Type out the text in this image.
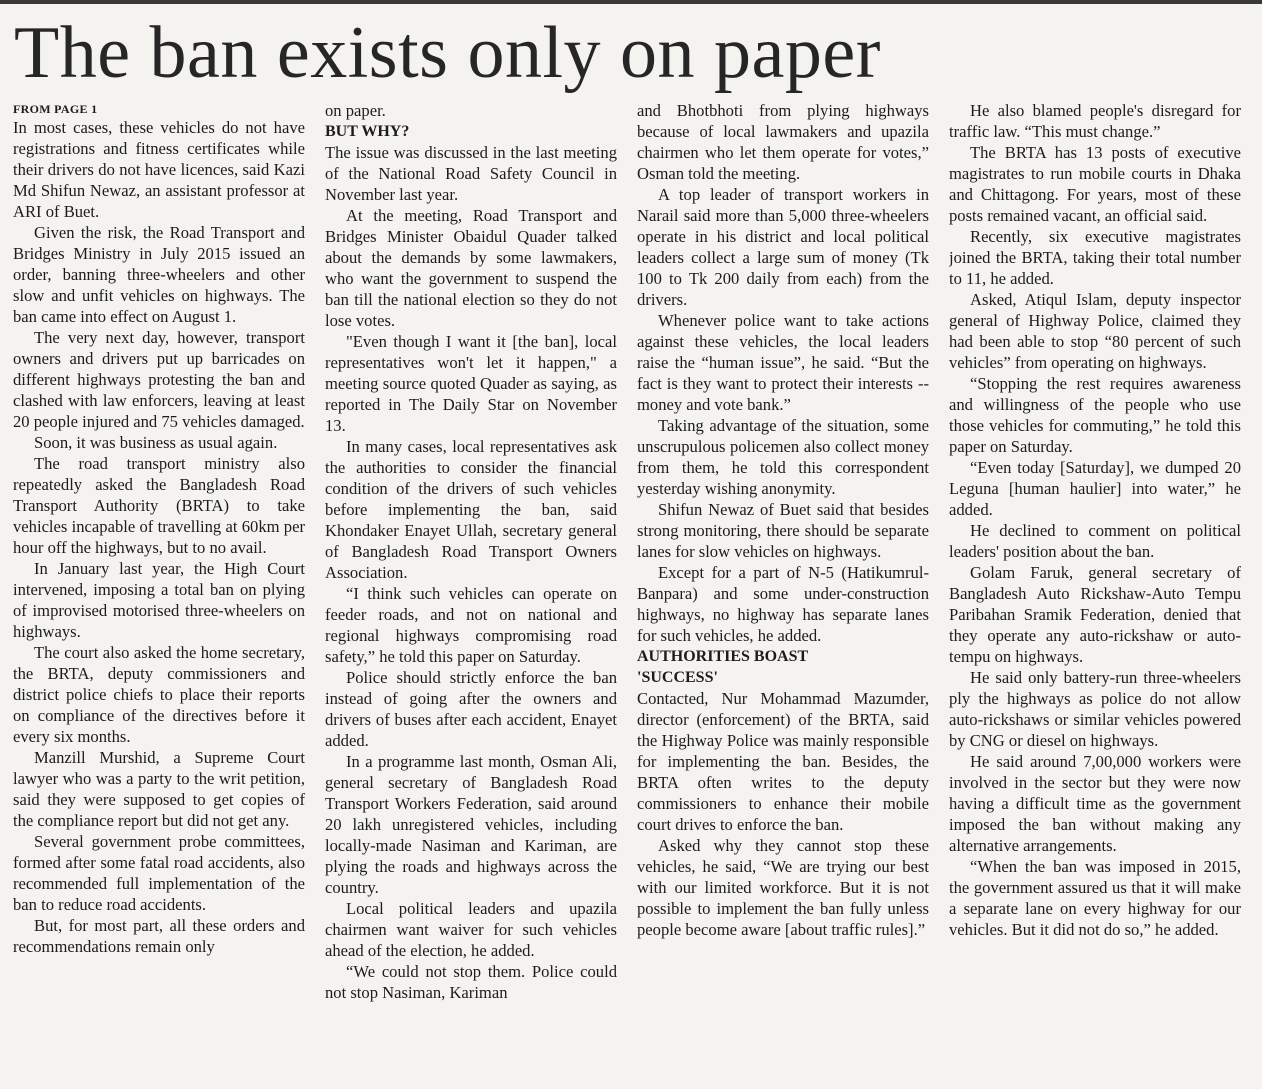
The ban exists only on paper

FROM PAGE 1

In most cases, these vehicles do not have registrations and fitness certificates while their drivers do not have licences, said Kazi Md Shifun Newaz, an assistant professor at ARI of Buet.

Given the risk, the Road Transport and Bridges Ministry in July 2015 issued an order, banning three-wheelers and other slow and unfit vehicles on highways. The ban came into effect on August 1.

The very next day, however, transport owners and drivers put up barricades on different highways protesting the ban and clashed with law enforcers, leaving at least 20 people injured and 75 vehicles damaged.

Soon, it was business as usual again.

The road transport ministry also repeatedly asked the Bangladesh Road Transport Authority (BRTA) to take vehicles incapable of travelling at 60km per hour off the highways, but to no avail.

In January last year, the High Court intervened, imposing a total ban on plying of improvised motorised three-wheelers on highways.

The court also asked the home secretary, the BRTA, deputy commissioners and district police chiefs to place their reports on compliance of the directives before it every six months.

Manzill Murshid, a Supreme Court lawyer who was a party to the writ petition, said they were supposed to get copies of the compliance report but did not get any.

Several government probe committees, formed after some fatal road accidents, also recommended full implementation of the ban to reduce road accidents.

But, for most part, all these orders and recommendations remain only

on paper.

BUT WHY?

The issue was discussed in the last meeting of the National Road Safety Council in November last year.

At the meeting, Road Transport and Bridges Minister Obaidul Quader talked about the demands by some lawmakers, who want the government to suspend the ban till the national election so they do not lose votes.

"Even though I want it [the ban], local representatives won't let it happen," a meeting source quoted Quader as saying, as reported in The Daily Star on November 13.

In many cases, local representatives ask the authorities to consider the financial condition of the drivers of such vehicles before implementing the ban, said Khondaker Enayet Ullah, secretary general of Bangladesh Road Transport Owners Association.

“I think such vehicles can operate on feeder roads, and not on national and regional highways compromising road safety,” he told this paper on Saturday.

Police should strictly enforce the ban instead of going after the owners and drivers of buses after each accident, Enayet added.

In a programme last month, Osman Ali, general secretary of Bangladesh Road Transport Workers Federation, said around 20 lakh unregistered vehicles, including locally-made Nasiman and Kariman, are plying the roads and highways across the country.

Local political leaders and upazila chairmen want waiver for such vehicles ahead of the election, he added.

“We could not stop them. Police could not stop Nasiman, Kariman

and Bhotbhoti from plying highways because of local lawmakers and upazila chairmen who let them operate for votes,” Osman told the meeting.

A top leader of transport workers in Narail said more than 5,000 three-wheelers operate in his district and local political leaders collect a large sum of money (Tk 100 to Tk 200 daily from each) from the drivers.

Whenever police want to take actions against these vehicles, the local leaders raise the “human issue”, he said. “But the fact is they want to protect their interests -- money and vote bank.”

Taking advantage of the situation, some unscrupulous policemen also collect money from them, he told this correspondent yesterday wishing anonymity.

Shifun Newaz of Buet said that besides strong monitoring, there should be separate lanes for slow vehicles on highways.

Except for a part of N-5 (Hatikumrul-Banpara) and some under-construction highways, no highway has separate lanes for such vehicles, he added.

AUTHORITIES BOAST

'SUCCESS'

Contacted, Nur Mohammad Mazumder, director (enforcement) of the BRTA, said the Highway Police was mainly responsible for implementing the ban. Besides, the BRTA often writes to the deputy commissioners to enhance their mobile court drives to enforce the ban.

Asked why they cannot stop these vehicles, he said, “We are trying our best with our limited workforce. But it is not possible to implement the ban fully unless people become aware [about traffic rules].”

He also blamed people's disregard for traffic law. “This must change.”

The BRTA has 13 posts of executive magistrates to run mobile courts in Dhaka and Chittagong. For years, most of these posts remained vacant, an official said.

Recently, six executive magistrates joined the BRTA, taking their total number to 11, he added.

Asked, Atiqul Islam, deputy inspector general of Highway Police, claimed they had been able to stop “80 percent of such vehicles” from operating on highways.

“Stopping the rest requires awareness and willingness of the people who use those vehicles for commuting,” he told this paper on Saturday.

“Even today [Saturday], we dumped 20 Leguna [human haulier] into water,” he added.

He declined to comment on political leaders' position about the ban.

Golam Faruk, general secretary of Bangladesh Auto Rickshaw-Auto Tempu Paribahan Sramik Federation, denied that they operate any auto-rickshaw or auto-tempu on highways.

He said only battery-run three-wheelers ply the highways as police do not allow auto-rickshaws or similar vehicles powered by CNG or diesel on highways.

He said around 7,00,000 workers were involved in the sector but they were now having a difficult time as the government imposed the ban without making any alternative arrangements.

“When the ban was imposed in 2015, the government assured us that it will make a separate lane on every highway for our vehicles. But it did not do so,” he added.
